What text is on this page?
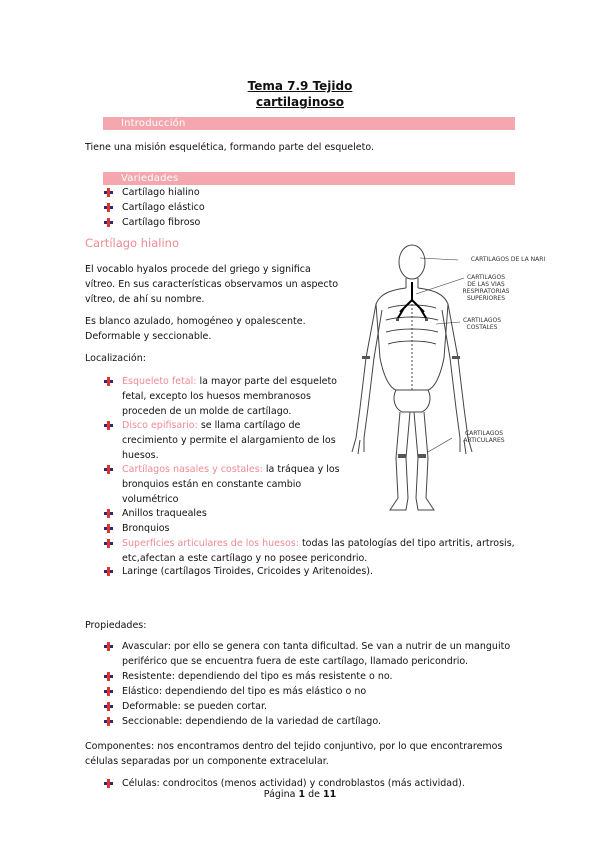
Tema 7.9 Tejido
cartilaginoso
Introducción
Tiene una misión esquelética, formando parte del esqueleto.
Variedades
Cartílago hialino
Cartílago elástico
Cartílago fibroso
Cartílago hialino
El vocablo hyalos procede del griego y significa
vítreo. En sus características observamos un aspecto
vítreo, de ahí su nombre.
Es blanco azulado, homogéneo y opalescente.
Deformable y seccionable.
Localización:
Esqueleto fetal: la mayor parte del esqueleto
fetal, excepto los huesos membranosos
proceden de un molde de cartílago.
Disco epifisario: se llama cartílago de
crecimiento y permite el alargamiento de los
huesos.
Cartílagos nasales y costales: la tráquea y los
bronquios están en constante cambio
volumétrico
Anillos traqueales
Bronquios
Superficies articulares de los huesos: todas las patologías del tipo artritis, artrosis,
etc,afectan a este cartílago y no posee pericondrio.
Laringe (cartílagos Tiroides, Cricoides y Aritenoides).
CARTILAGOS DE LA NARI
CARTILAGOS
DE LAS VIAS
RESPIRATORIAS
SUPERIORES
CARTILAGOS
COSTALES
CARTILAGOS
ARTICULARES
Propiedades:
Avascular: por ello se genera con tanta dificultad. Se van a nutrir de un manguito
periférico que se encuentra fuera de este cartílago, llamado pericondrio.
Resistente: dependiendo del tipo es más resistente o no.
Elástico: dependiendo del tipo es más elástico o no
Deformable: se pueden cortar.
Seccionable: dependiendo de la variedad de cartílago.
Componentes: nos encontramos dentro del tejido conjuntivo, por lo que encontraremos
células separadas por un componente extracelular.
Células: condrocitos (menos actividad) y condroblastos (más actividad).
Página 1 de 11
